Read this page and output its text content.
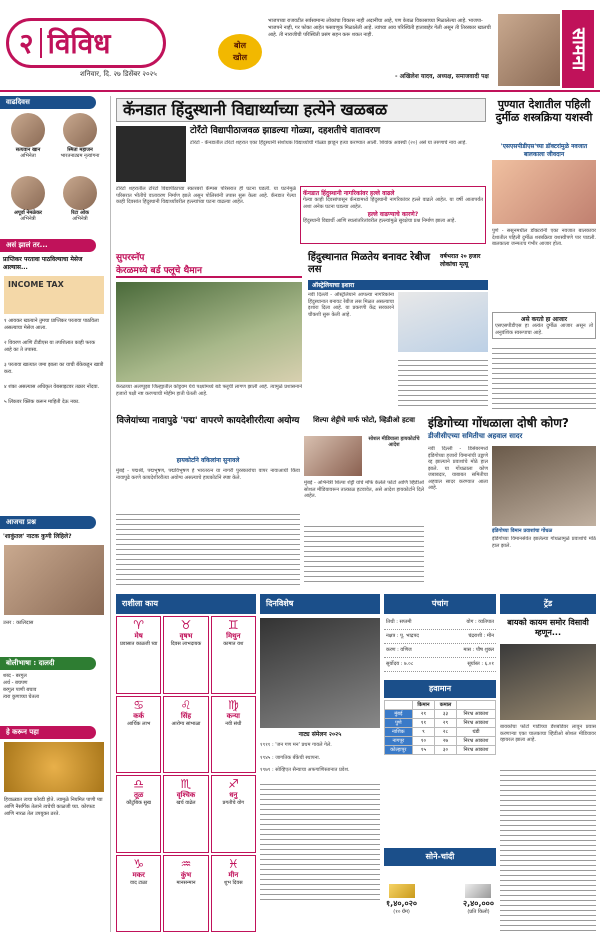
२ विविध
शनिवार, दि. २७ डिसेंबर २०२५
बोल
खोल
भाजपच्या राजवटीत सर्वसामान्य लोकांचा विकास नाही अदानींचा आहे, पण केवळ विकासाच्या मिळालेल्या आहे. भाजपा-भाजपने नाही, गर फोका आहेत फसवणूक मिळालेली आहे. त्यांच्या आय परिस्थिती हाताबाहेर गेली असून ती तिरस्कार खालची आहे. ती नाराजीची परिस्थिती प्रसंग सहन करू शकत नाही.
- अखिलेश यादव, अध्यक्ष, समाजवादी पक्ष
सामना
वाढदिवस
सत्यवान खान
अभिनेता
स्मिता महाजन
भारतनाट्यम नृत्यांगना
अपूर्वा नेमळेकर
अभिनेत्री
रिटा ओक
अभिनेत्री
असं झालं तर...
प्राप्तिकर परतावा पाठविल्याचा मेसेज आल्यास...
INCOME TAX
१ आयकर खात्याने तुमचा प्राप्तिकर परतावा पाठविला असल्याचा मेसेज आला.
२ विवरण आणि टीडीएस या तपशिलात काही फरक आहे का ते तपासा.
३ परतावा खात्यात जमा झाला का याची बँकेकडून खात्री करा.
४ शंका असल्यास अधिकृत वेबसाइटवर तक्रार नोंदवा.
५ लिंकवर क्लिक करून माहिती देऊ नका.
आजचा प्रश्न
'शाकुंतल' नाटक कुणी लिहिले?
उत्तर : कालिदास
बोलीभाषा : दालदी
शब्द - बरगुल
अर्थ - बचपण
बरगुल पाणी बचाव
त्वरा कुणाच्या घेतला
हे करून पहा
हिवाळ्यात त्वचा कोरडी होते. त्यामुळे नियमित पाणी प्या आणि नैसर्गिक तेलाने त्वचेची काळजी घ्या. कोरफड आणि नारळ तेल उपयुक्त ठरते.
कॅनडात हिंदुस्थानी विद्यार्थ्याच्या हत्येने खळबळ
टोरॅंटो विद्यापीठाजवळ झाडल्या गोळ्या, दहशतीचे वातावरण
टोरंटो - कॅनडातील टोरंटो शहरात एका हिंदुस्थानी संशोधक विद्यार्थ्याची गोळ्या झाडून हत्या करण्यात आली. शिवांक अवस्थी (२०) असे या तरुणाचे नाव आहे.
टोरंटो शहरातील टोरंटो विद्यापीठाच्या स्कारबरो कॅम्पस परिसरात ही घटना घडली. या घटनेमुळे परिसरात भीतीचे वातावरण निर्माण झाले असून पोलिसांनी तपास सुरू केला आहे. कॅनडात गेल्या काही दिवसांत हिंदुस्थानी विद्यार्थ्यांवरील हल्ल्यांच्या घटना वाढल्या आहेत.
कॅनडात हिंदुस्थानी नागरिकांवर हल्ले वाढले
गेल्या काही दिवसांपासून कॅनडामध्ये हिंदुस्थानी नागरिकांवर हल्ले वाढले आहेत. या वर्षी आतापर्यंत अशा अनेक घटना घडल्या आहेत.
हल्ले वाढण्याचे कारणे?
हिंदुस्थानी विद्यार्थी आणि स्थलांतरितांवरील हल्ल्यांमुळे सुरक्षेचा प्रश्न निर्माण झाला आहे.
पुण्यात देशातील पहिली दुर्मीळ शस्त्रक्रिया यशस्वी
'एसएसपीडीएस'च्या डॉक्टरांमुळे नवजात बालकाला जीवदान
पुणे - ससूनमधील डॉक्टरांनी एका नवजात बालकावर देशातील पहिली दुर्मीळ शस्त्रक्रिया यशस्वीपणे पार पाडली. बालकाला जन्मतःच गंभीर आजार होता.
असे करतो हा आजार
एसएसपीडीएस हा अत्यंत दुर्मीळ आजार असून तो अनुवंशिक स्वरूपाचा आहे.
सुपरस्नॅप
केरळमध्ये बर्ड फ्लूचे थैमान
केरळच्या अलप्पुझा जिल्ह्यातील कोट्टयम येथे पक्ष्यांमध्ये बर्ड फ्लूची लागण झाली आहे. त्यामुळे प्रशासनाने हजारो पक्षी नष्ट करण्याची मोहीम हाती घेतली आहे.
हिंदुस्थानात मिळतेय बनावट रेबीज लस
वर्षभरात २० हजार लोकांचा मृत्यू
ऑस्ट्रेलियाचा इशारा
नवी दिल्ली - ऑस्ट्रेलियाने आपल्या नागरिकांना हिंदुस्थानात बनावट रेबीज लस मिळत असल्याचा इशारा दिला आहे. या प्रकरणी केंद्र सरकारने चौकशी सुरू केली आहे.
विजेयांच्या नावापुढे 'पद्म' वापरणे कायदेशीररीत्या अयोग्य
हायकोर्टाने वकिलांना सुनावले
मुंबई - पद्मश्री, पद्मभूषण, पद्मविभूषण हे भारतरत्न या नागरी पुरस्कारांचा वापर नावाआधी किंवा नावापुढे करणे कायदेशीररीत्या अयोग्य असल्याचे हायकोर्टाने स्पष्ट केले.
शिल्पा शेट्टीचे मार्फ फोटो, व्हिडीओ हटवा
सोशल मीडियाला हायकोर्टाचे आदेश
मुंबई - अभिनेत्री शिल्पा शेट्टी यांचे मॉर्फ केलेले फोटो आणि व्हिडीओ सोशल मीडियावरून तात्काळ हटवावेत, असे आदेश हायकोर्टाने दिले आहेत.
इंडिगोच्या गोंधळाला दोषी कोण?
डीजीसीएच्या समितीचा अहवाल सादर
नवी दिल्ली - डिसेंबरमध्ये इंडिगोच्या हजारो विमानांची उड्डाणे रद्द झाल्याने प्रवाशांचे मोठे हाल झाले. या गोंधळाला कोण जबाबदार, याबाबत समितीचा अहवाल सादर करण्यात आला आहे.
इंडिगोच्या विमान प्रवाशांचा गोंधळ
इंडिगोच्या विमानसेवेत झालेल्या गोंधळामुळे प्रवाशांचे मोठे हाल झाले.
राशीला काय
♈
मेष
प्रवासात काळजी घ्या
♉
वृषभ
दिवस लाभदायक
♊
मिथुन
कामात यश
♋
कर्क
आर्थिक लाभ
♌
सिंह
आरोग्य सांभाळा
♍
कन्या
नवी संधी
♎
तूळ
कौटुंबिक सुख
♏
वृश्चिक
खर्च वाढेल
♐
धनु
प्रगतीचे योग
♑
मकर
वाद टाळा
♒
कुंभ
मानसन्मान
♓
मीन
शुभ दिवस
दिनविशेष
नाट्य संमेलन २०२५
१९११ : 'जन गण मन' प्रथम गायले गेले.
१९४५ : जागतिक बँकेची स्थापना.
१९७९ : सोव्हिएत सैन्याचा अफगाणिस्तानात प्रवेश.
पंचांग
तिथी : सप्तमी	योग : व्यतिपात
नक्षत्र : पू. भाद्रपद	चंद्रराशी : मीन
करण : वणिज	मास : पौष शुक्ल
सूर्योदय : ७.०८	सूर्यास्त : ६.०१
हवामान
	किमान	कमाल	
मुंबई	२१	३३	निरभ्र आकाश
पुणे	११	२९	निरभ्र आकाश
नाशिक	९	२८	थंडी
नागपूर	१०	२७	निरभ्र आकाश
कोल्हापूर	१५	३०	निरभ्र आकाश
सोने-चांदी
१,४०,०२०
(१० ग्रॅम)
२,४०,०००
(प्रति किलो)
ट्रेंड
बायको कायम समोर विसावी म्हणून...
बायकोचा फोटो गाडीच्या डॅशबोर्डवर लावून प्रवास करणाऱ्या एका चालकाचा व्हिडीओ सोशल मीडियावर व्हायरल झाला आहे.
